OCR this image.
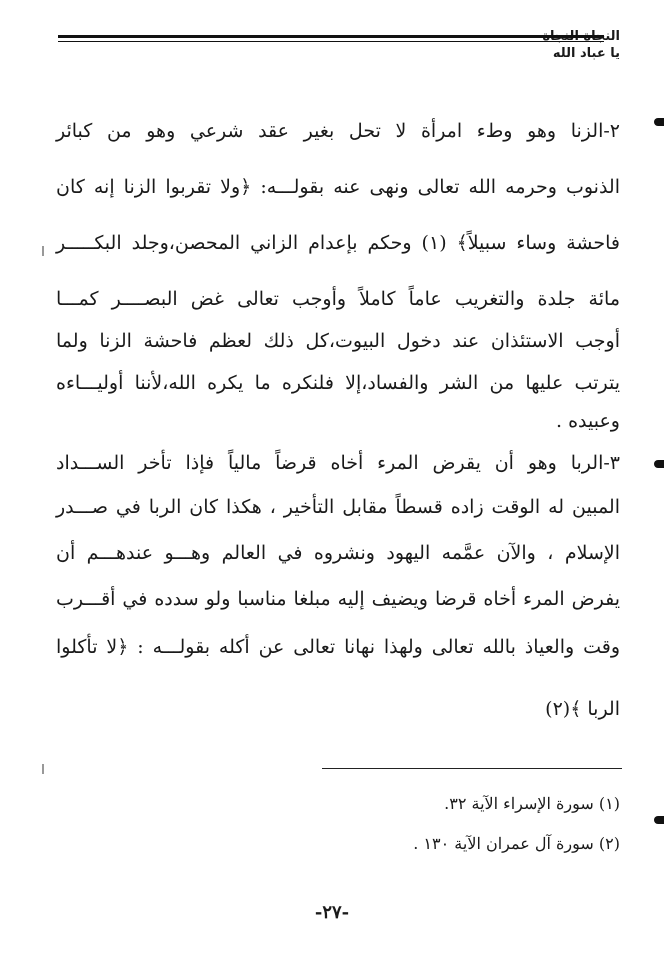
النجاة النجاة
يا عباد الله
٢-الزنا وهو وطء امرأة لا تحل بغير عقد شرعي وهو من كبائر
الذنوب وحرمه الله تعالى ونهى عنه بقولـــه: ﴿ولا تقربوا الزنا إنه كان
فاحشة وساء سبيلاً﴾ (١) وحكم بإعدام الزاني المحصن،وجلد البكـــــر
مائة جلدة والتغريب عاماً كاملاً وأوجب تعالى غض البصــــر كمـــا
أوجب الاستئذان عند دخول البيوت،كل ذلك لعظم فاحشة الزنا ولما
يترتب عليها من الشر والفساد،إلا فلنكره ما يكره الله،لأننا أوليـــاءه
وعبيده .
٣-الربا وهو أن يقرض المرء أخاه قرضاً مالياً فإذا تأخر الســـداد
المبين له الوقت زاده قسطاً مقابل التأخير ، هكذا كان الربا في صـــدر
الإسلام ، والآن عمَّمه اليهود ونشروه في العالم وهـــو عندهـــم أن
يفرض المرء أخاه قرضا ويضيف إليه مبلغا مناسبا ولو سدده في أقـــرب
وقت والعياذ بالله تعالى ولهذا نهانا تعالى عن أكله بقولـــه : ﴿لا تأكلوا
الربا ﴾(٢)
(١) سورة الإسراء الآية ٣٢.
(٢) سورة آل عمران الآية ١٣٠ .
-٢٧-
